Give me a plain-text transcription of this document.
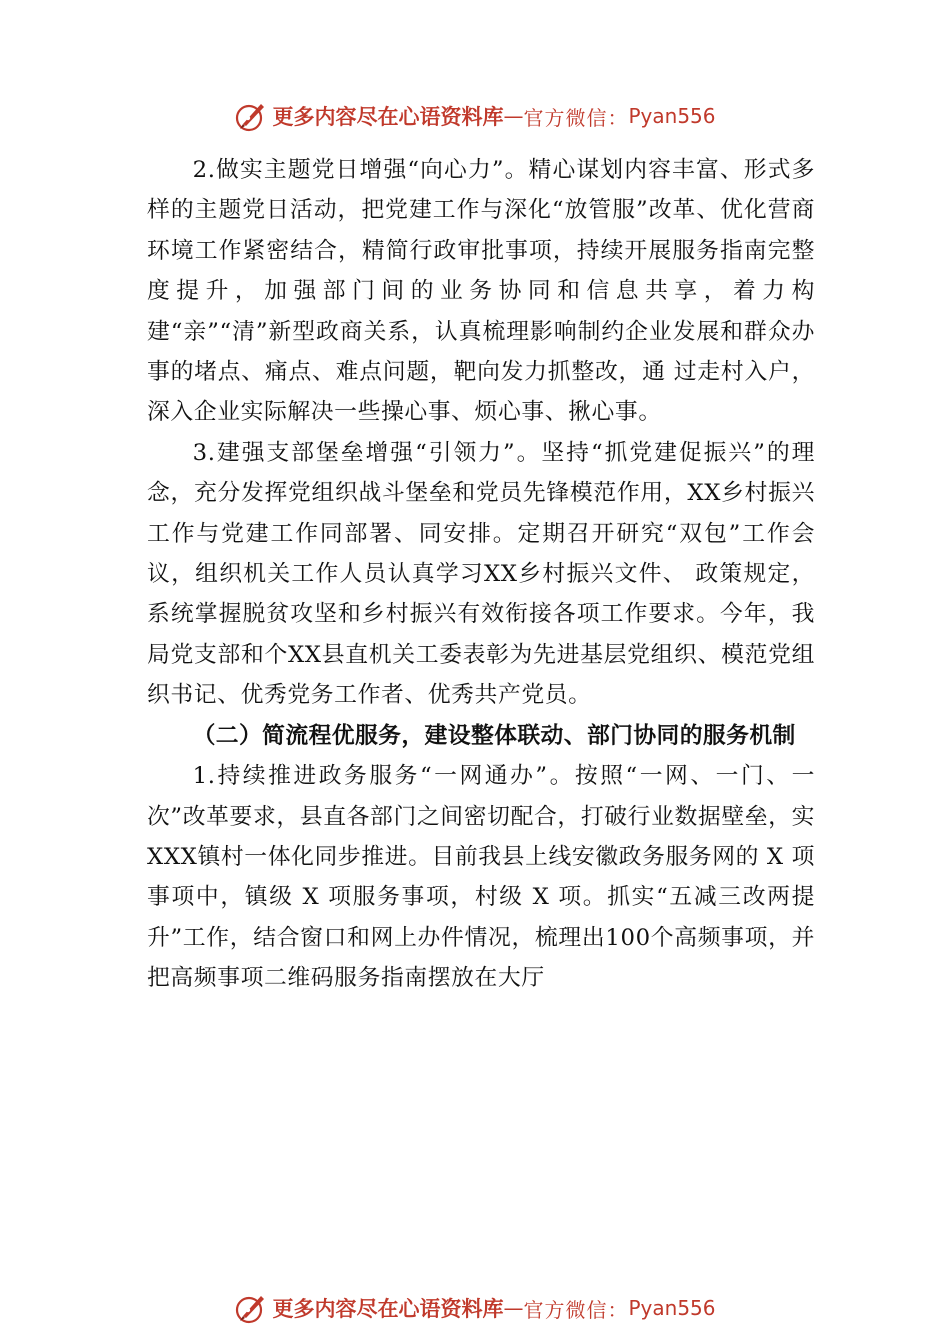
更多内容尽在心语资料库 — 官方微信： Pyan556

2.做实主题党日增强“向心力”。精心谋划内容丰富、形式多样的主题党日活动，把党建工作与深化“放管服”改革、优化营商环境工作紧密结合，精简行政审批事项，持续开展服务指南完整度提升，加强部门间的业务协同和信息共享，着力构建“亲”“清”新型政商关系，认真梳理影响制约企业发展和群众办事的堵点、痛点、难点问题，靶向发力抓整改，通 过走村入户，深入企业实际解决一些操心事、烦心事、揪心事。

3.建强支部堡垒增强“引领力”。坚持“抓党建促振兴”的理念，充分发挥党组织战斗堡垒和党员先锋模范作用，XX乡村振兴工作与党建工作同部署、同安排。定期召开研究“双包”工作会议，组织机关工作人员认真学习XX乡村振兴文件、 政策规定，系统掌握脱贫攻坚和乡村振兴有效衔接各项工作要求。今年，我局党支部和个XX县直机关工委表彰为先进基层党组织、模范党组织书记、优秀党务工作者、优秀共产党员。

（二）简流程优服务，建设整体联动、部门协同的服务机制

1.持续推进政务服务“一网通办”。按照“一网、一门、一次”改革要求，县直各部门之间密切配合，打破行业数据壁垒，实XXX镇村一体化同步推进。目前我县上线安徽政务服务网的 X 项事项中，镇级 X 项服务事项，村级 X 项。抓实“五减三改两提升”工作，结合窗口和网上办件情况，梳理出100个高频事项，并把高频事项二维码服务指南摆放在大厅

更多内容尽在心语资料库 — 官方微信： Pyan556
